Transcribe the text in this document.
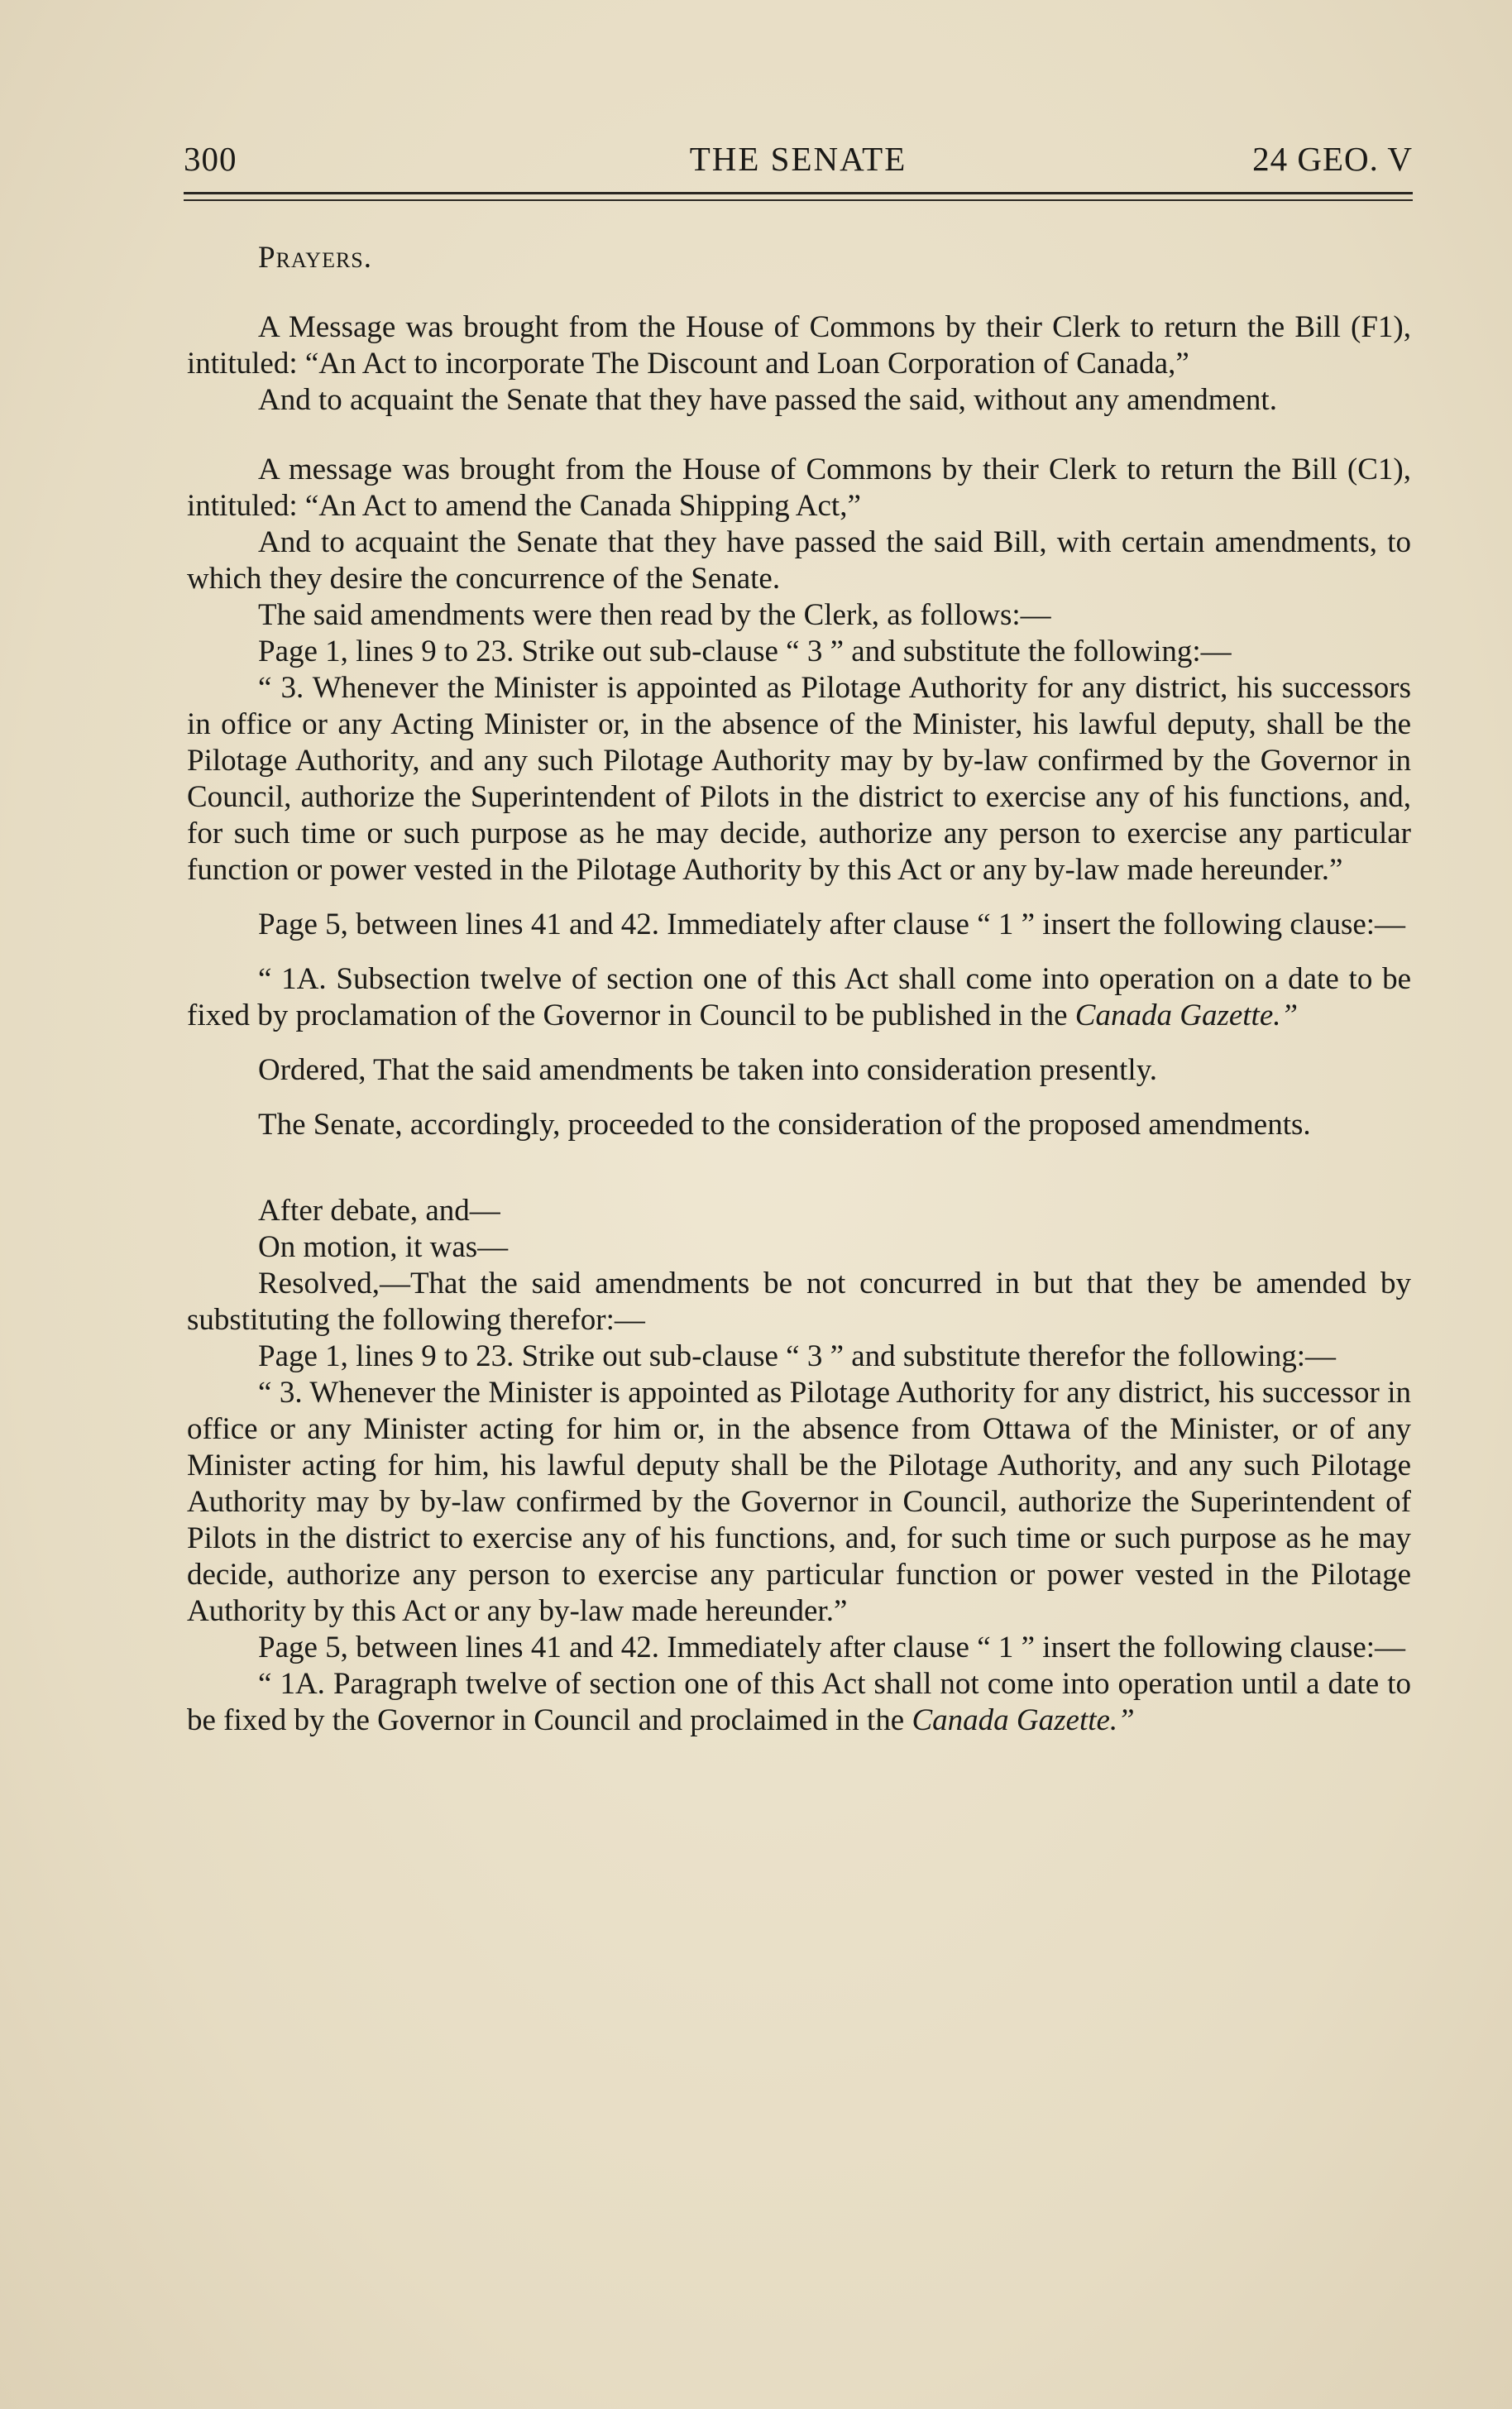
300	THE SENATE	24 GEO. V

Prayers.

A Message was brought from the House of Commons by their Clerk to return the Bill (F1), intituled: “An Act to incorporate The Discount and Loan Corporation of Canada,”

And to acquaint the Senate that they have passed the said, without any amendment.

A message was brought from the House of Commons by their Clerk to return the Bill (C1), intituled: “An Act to amend the Canada Shipping Act,”

And to acquaint the Senate that they have passed the said Bill, with certain amendments, to which they desire the concurrence of the Senate.

The said amendments were then read by the Clerk, as follows:—

Page 1, lines 9 to 23. Strike out sub-clause “ 3 ” and substitute the following:—

“ 3. Whenever the Minister is appointed as Pilotage Authority for any district, his successors in office or any Acting Minister or, in the absence of the Minister, his lawful deputy, shall be the Pilotage Authority, and any such Pilotage Authority may by by-law confirmed by the Governor in Council, authorize the Superintendent of Pilots in the district to exercise any of his functions, and, for such time or such purpose as he may decide, authorize any person to exercise any particular function or power vested in the Pilotage Authority by this Act or any by-law made hereunder.”

Page 5, between lines 41 and 42. Immediately after clause “ 1 ” insert the following clause:—

“ 1A. Subsection twelve of section one of this Act shall come into operation on a date to be fixed by proclamation of the Governor in Council to be published in the Canada Gazette.”

Ordered, That the said amendments be taken into consideration presently.

The Senate, accordingly, proceeded to the consideration of the proposed amendments.

After debate, and—

On motion, it was—

Resolved,—That the said amendments be not concurred in but that they be amended by substituting the following therefor:—

Page 1, lines 9 to 23. Strike out sub-clause “ 3 ” and substitute therefor the following:—

“ 3. Whenever the Minister is appointed as Pilotage Authority for any district, his successor in office or any Minister acting for him or, in the absence from Ottawa of the Minister, or of any Minister acting for him, his lawful deputy shall be the Pilotage Authority, and any such Pilotage Authority may by by-law confirmed by the Governor in Council, authorize the Superintendent of Pilots in the district to exercise any of his functions, and, for such time or such purpose as he may decide, authorize any person to exercise any particular function or power vested in the Pilotage Authority by this Act or any by-law made hereunder.”

Page 5, between lines 41 and 42. Immediately after clause “ 1 ” insert the following clause:—

“ 1A. Paragraph twelve of section one of this Act shall not come into operation until a date to be fixed by the Governor in Council and proclaimed in the Canada Gazette.”
